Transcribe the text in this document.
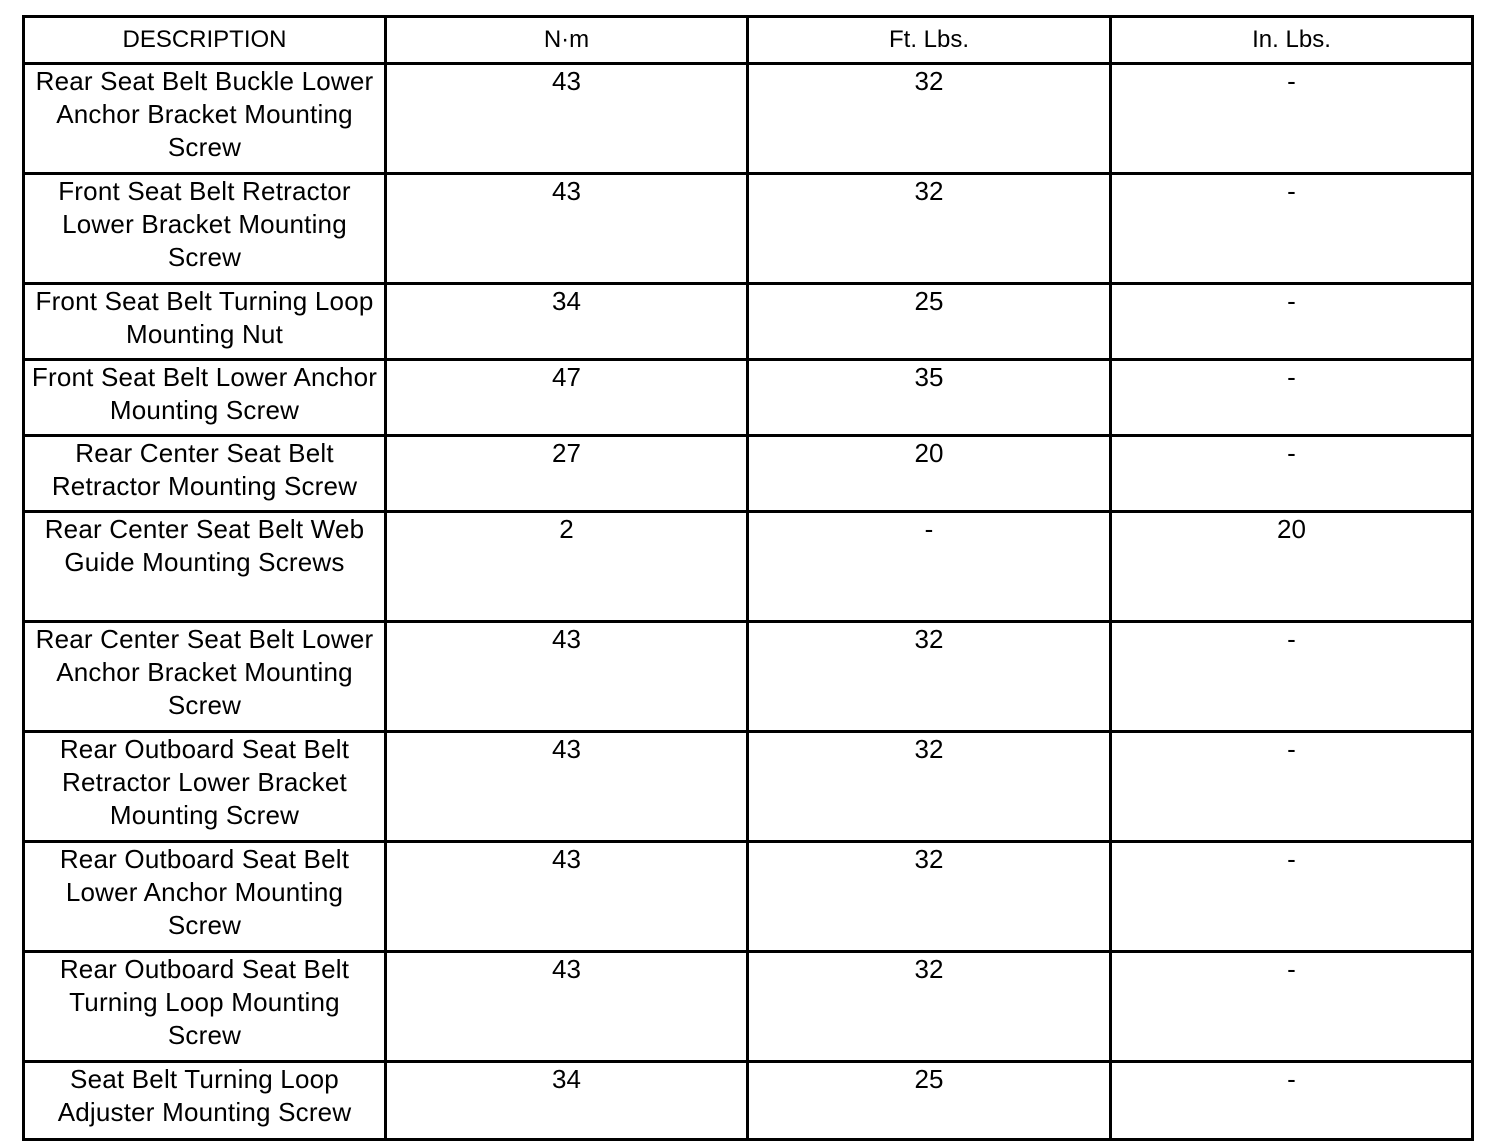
DESCRIPTION	N·m	Ft. Lbs.	In. Lbs.
Rear Seat Belt Buckle Lower Anchor Bracket Mounting Screw	43	32	-
Front Seat Belt Retractor Lower Bracket Mounting Screw	43	32	-
Front Seat Belt Turning Loop Mounting Nut	34	25	-
Front Seat Belt Lower Anchor Mounting Screw	47	35	-
Rear Center Seat Belt Retractor Mounting Screw	27	20	-
Rear Center Seat Belt Web Guide Mounting Screws	2	-	20
Rear Center Seat Belt Lower Anchor Bracket Mounting Screw	43	32	-
Rear Outboard Seat Belt Retractor Lower Bracket Mounting Screw	43	32	-
Rear Outboard Seat Belt Lower Anchor Mounting Screw	43	32	-
Rear Outboard Seat Belt Turning Loop Mounting Screw	43	32	-
Seat Belt Turning Loop Adjuster Mounting Screw	34	25	-
